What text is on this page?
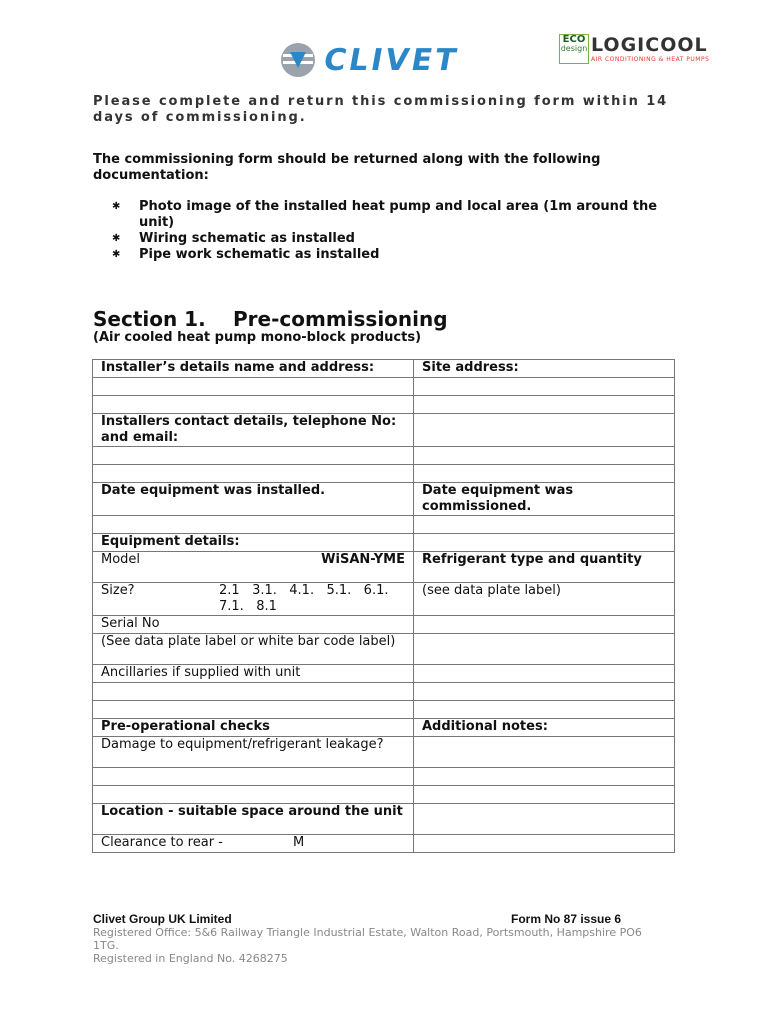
CLIVET
ECO
design LOGICOOL
AIR CONDITIONING & HEAT PUMPS
Please complete and return this commissioning form within 14 days of commissioning.
The commissioning form should be returned along with the following documentation:
✱ Photo image of the installed heat pump and local area (1m around the unit)
✱ Wiring schematic as installed
✱ Pipe work schematic as installed
Section 1. Pre-commissioning
(Air cooled heat pump mono-block products)
Installer’s details name and address:	Site address:

Installers contact details, telephone No: and email:	

Date equipment was installed.	Date equipment was commissioned.

Equipment details:	

Model WiSAN-YME	Refrigerant type and quantity

Size? 2.1   3.1.   4.1.   5.1.   6.1.   7.1.   8.1	(see data plate label)
Serial No	
(See data plate label or white bar code label)	
Ancillaries if supplied with unit	

Pre-operational checks	Additional notes:
Damage to equipment/refrigerant leakage?	

Location - suitable space around the unit	
Clearance to rear - M	
Clivet Group UK Limited	Form No 87 issue 6
Registered Office: 5&6 Railway Triangle Industrial Estate, Walton Road, Portsmouth, Hampshire PO6 1TG.
Registered in England No. 4268275
